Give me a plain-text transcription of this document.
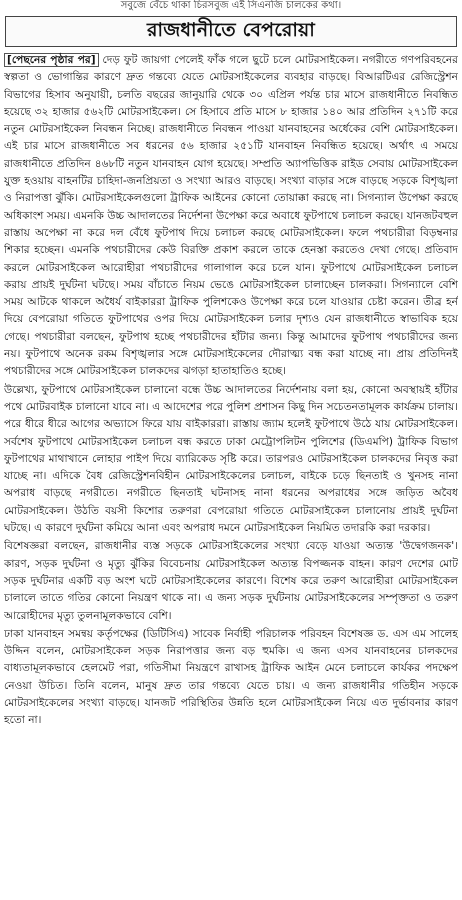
সবুজে বেঁচে থাকা চিরসবুজ এই সিএনজি চালকের কথা।
রাজধানীতে বেপরোয়া

[পেছনের পৃষ্ঠার পর] দেড় ফুট জায়গা পেলেই ফাঁক গলে ছুটে চলে মোটরসাইকেল। নগরীতে গণপরিবহনের স্বল্পতা ও ভোগান্তির কারণে দ্রুত গন্তব্যে যেতে মোটরসাইকেলের ব্যবহার বাড়ছে। বিআরটিএর রেজিস্ট্রেশন বিভাগের হিসাব অনুযায়ী, চলতি বছরের জানুয়ারি থেকে ৩০ এপ্রিল পর্যন্ত চার মাসে রাজধানীতে নিবন্ধিত হয়েছে ৩২ হাজার ৫৬২টি মোটরসাইকেল। সে হিসাবে প্রতি মাসে ৮ হাজার ১৪০ আর প্রতিদিন ২৭১টি করে নতুন মোটরসাইকেল নিবন্ধন নিচ্ছে। রাজধানীতে নিবন্ধন পাওয়া যানবাহনের অর্ধেকের বেশি মোটরসাইকেল। এই চার মাসে রাজধানীতে সব ধরনের ৫৬ হাজার ২৫১টি যানবাহন নিবন্ধিত হয়েছে। অর্থাৎ এ সময়ে রাজধানীতে প্রতিদিন ৪৬৮টি নতুন যানবাহন যোগ হয়েছে। সম্প্রতি অ্যাপভিত্তিক রাইড সেবায় মোটরসাইকেল যুক্ত হওয়ায় বাহনটির চাহিদা-জনপ্রিয়তা ও সংখ্যা আরও বাড়ছে। সংখ্যা বাড়ার সঙ্গে বাড়ছে সড়কে বিশৃঙ্খলা ও নিরাপত্তা ঝুঁকি। মোটরসাইকেলগুলো ট্রাফিক আইনের কোনো তোয়াক্কা করছে না। সিগন্যাল উপেক্ষা করছে অধিকাংশ সময়। এমনকি উচ্চ আদালতের নির্দেশনা উপেক্ষা করে অবাধে ফুটপাথে চলাচল করছে। যানজটবহুল রাস্তায় অপেক্ষা না করে দল বেঁধে ফুটপাথ দিয়ে চলাচল করছে মোটরসাইকেল। ফলে পথচারীরা বিড়ম্বনার শিকার হচ্ছেন। এমনকি পথচারীদের কেউ বিরক্তি প্রকাশ করলে তাকে হেনস্তা করতেও দেখা গেছে। প্রতিবাদ করলে মোটরসাইকেল আরোহীরা পথচারীদের গালাগাল করে চলে যান। ফুটপাথে মোটরসাইকেল চলাচল করায় প্রায়ই দুর্ঘটনা ঘটছে। সময় বাঁচাতে নিয়ম ভেঙে মোটরসাইকেল চালাচ্ছেন চালকরা। সিগন্যালে বেশি সময় আটকে থাকলে অধৈর্য বাইকাররা ট্রাফিক পুলিশকেও উপেক্ষা করে চলে যাওয়ার চেষ্টা করেন। তীব্র হর্ন দিয়ে বেপরোয়া গতিতে ফুটপাথের ওপর দিয়ে মোটরসাইকেল চলার দৃশ্যও যেন রাজধানীতে স্বাভাবিক হয়ে গেছে। পথচারীরা বলছেন, ফুটপাথ হচ্ছে পথচারীদের হাঁটার জন্য। কিন্তু আমাদের ফুটপাথ পথচারীদের জন্য নয়। ফুটপাথে অনেক রকম বিশৃঙ্খলার সঙ্গে মোটরসাইকেলের দৌরাত্ম্য বন্ধ করা যাচ্ছে না। প্রায় প্রতিদিনই পথচারীদের সঙ্গে মোটরসাইকেল চালকদের ঝগড়া হাতাহাতিও হচ্ছে।

উল্লেখ্য, ফুটপাথে মোটরসাইকেল চালানো বন্ধে উচ্চ আদালতের নির্দেশনায় বলা হয়, কোনো অবস্থায়ই হাঁটার পথে মোটরবাইক চালানো যাবে না। এ আদেশের পরে পুলিশ প্রশাসন কিছু দিন সচেতনতামূলক কার্যক্রম চালায়। পরে ধীরে ধীরে আগের অভ্যাসে ফিরে যায় বাইকাররা। রাস্তায় জ্যাম হলেই ফুটপাথে উঠে যায় মোটরসাইকেল। সর্বশেষ ফুটপাথে মোটরসাইকেল চলাচল বন্ধ করতে ঢাকা মেট্রোপলিটন পুলিশের (ডিএমপি) ট্রাফিক বিভাগ ফুটপাথের মাথাখানে লোহার পাইপ দিয়ে ব্যারিকেড সৃষ্টি করে। তারপরও মোটরসাইকেল চালকদের নিবৃত্ত করা যাচ্ছে না। এদিকে বৈধ রেজিস্ট্রেশনবিহীন মোটরসাইকেলের চলাচল, বাইকে চড়ে ছিনতাই ও খুনসহ নানা অপরাধ বাড়ছে নগরীতে। নগরীতে ছিনতাই ঘটনাসহ নানা ধরনের অপরাধের সঙ্গে জড়িত অবৈধ মোটরসাইকেল। উঠতি বয়সী কিশোর তরুণরা বেপরোয়া গতিতে মোটরসাইকেল চালানোয় প্রায়ই দুর্ঘটনা ঘটছে। এ কারণে দুর্ঘটনা কমিয়ে আনা এবং অপরাধ দমনে মোটরসাইকেল নিয়মিত তদারকি করা দরকার।

বিশেষজ্ঞরা বলছেন, রাজধানীর ব্যস্ত সড়কে মোটরসাইকেলের সংখ্যা বেড়ে যাওয়া অত্যন্ত 'উদ্বেগজনক'। কারণ, সড়ক দুর্ঘটনা ও মৃত্যু ঝুঁকির বিবেচনায় মোটরসাইকেল অত্যন্ত বিপজ্জনক বাহন। কারণ দেশের মোট সড়ক দুর্ঘটনার একটি বড় অংশ ঘটে মোটরসাইকেলের কারণে। বিশেষ করে তরুণ আরোহীরা মোটরসাইকেল চালালে তাতে গতির কোনো নিয়ন্ত্রণ থাকে না। এ জন্য সড়ক দুর্ঘটনায় মোটরসাইকেলের সম্পৃক্ততা ও তরুণ আরোহীদের মৃত্যু তুলনামূলকভাবে বেশি।

ঢাকা যানবাহন সমন্বয় কর্তৃপক্ষের (ডিটিসিএ) সাবেক নির্বাহী পরিচালক পরিবহন বিশেষজ্ঞ ড. এস এম সালেহ উদ্দিন বলেন, মোটরসাইকেল সড়ক নিরাপত্তার জন্য বড় হুমকি। এ জন্য এসব যানবাহনের চালকদের বাধ্যতামূলকভাবে হেলমেট পরা, গতিসীমা নিয়ন্ত্রণে রাখাসহ ট্রাফিক আইন মেনে চলাচলে কার্যকর পদক্ষেপ নেওয়া উচিত। তিনি বলেন, মানুষ দ্রুত তার গন্তব্যে যেতে চায়। এ জন্য রাজধানীর গতিহীন সড়কে মোটরসাইকেলের সংখ্যা বাড়ছে। যানজট পরিস্থিতির উন্নতি হলে মোটরসাইকেল নিয়ে এত দুর্ভাবনার কারণ হতো না।
